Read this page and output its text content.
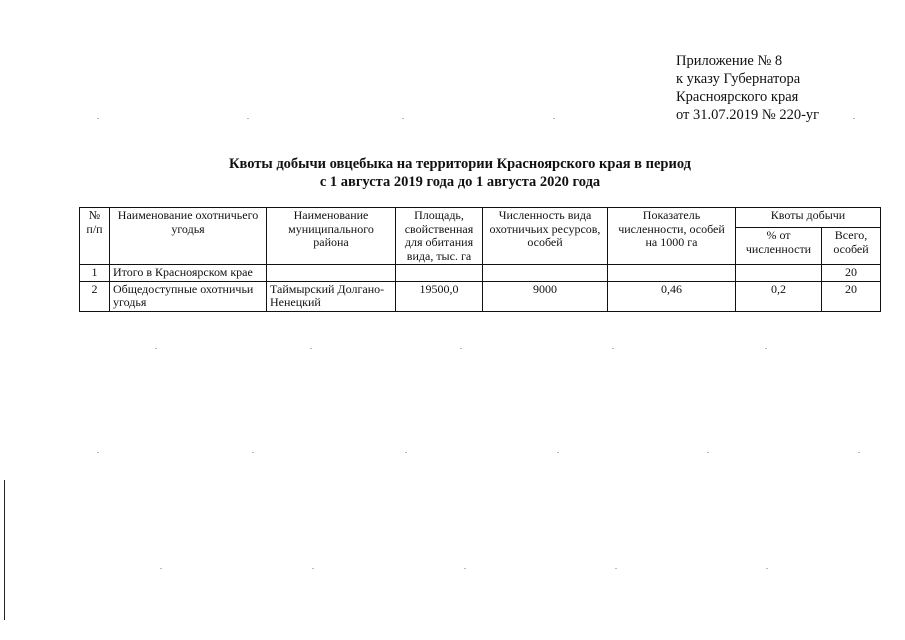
Приложение № 8
к указу Губернатора
Красноярского края
от 31.07.2019 № 220-уг
Квоты добычи овцебыка на территории Красноярского края в период
с 1 августа 2019 года до 1 августа 2020 года
№ п/п	Наименование охотничьего угодья	Наименование муниципального района	Площадь, свойственная для обитания вида, тыс. га	Численность вида охотничьих ресурсов, особей	Показатель численности, особей на 1000 га	Квоты добычи	
						% от численности	Всего, особей
1	Итого в Красноярском крае						20
2	Общедоступные охотничьи угодья	Таймырский Долгано-Ненецкий	19500,0	9000	0,46	0,2	20
